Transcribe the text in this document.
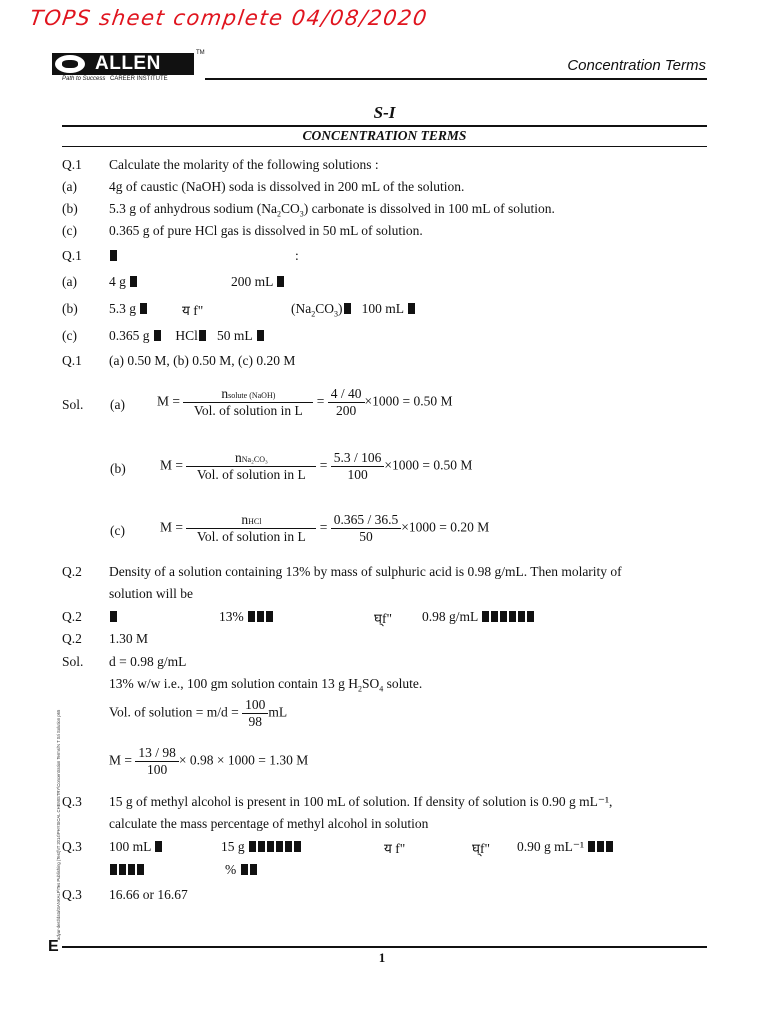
TOPS sheet complete 04/08/2020
ALLEN	TM
CAREER INSTITUTE
Path to Success
Concentration Terms
S-I
CONCENTRATION TERMS
Q.1 Calculate the molarity of the following solutions :
(a) 4g of caustic (NaOH) soda is dissolved in 200 mL of the solution.
(b) 5.3 g of anhydrous sodium $(Na_2CO_3)$ carbonate is dissolved in 100 mL of solution.
(c) 0.365 g of pure HCl gas is dissolved in 50 mL of solution.
Q.1	:
(a) 4 g	200 mL
(b) 5.3 g	य f"	$(Na_2CO_3)$ 100 mL
(c) 0.365 g HCl 50 mL
Q.1 (a) 0.50 M, (b) 0.50 M, (c) 0.20 M
Sol. (a) $M = \frac{\text{nsolute (NaOH)}}{\text{Vol. of solution in L}} = \frac{4 / 40}{200} \times 1000 = 0.50$ M
(b)	$M = \frac{\text{nNa₂CO₃}}{\text{Vol. of solution in L}} = \frac{5.3 / 106}{100} \times 1000 = 0.50$ M
(c)	$M = \frac{\text{nHCl}}{\text{Vol. of solution in L}} = \frac{0.365 / 36.5}{50} \times 1000 = 0.20$ M
Q.2 Density of a solution containing 13% by mass of sulphuric acid is 0.98 g/mL. Then molarity of
solution will be
Q.2	13%	घ्f" 0.98 g/mL
Q.2 1.30 M
Sol. d = 0.98 g/mL
13% w/w i.e., 100 gm solution contain 13 g $H_2SO_4$ solute.
Vol. of solution = $m/d = \frac{100}{98}$ mL
$M = \frac{13 / 98}{100} \times 0.98 \times 1000 = 1.30$ M
Q.3 15 g of methyl alcohol is present in 100 mL of solution. If density of solution is 0.90 g mL⁻¹,
calculate the mass percentage of methyl alcohol in solution
Q.3 100 mL	15 g	य f"	घ्f" 0.90 g mL⁻¹
%
Q.3 16.66 or 16.67
adyar-dest\data\SANKALP\Tes Publishing (Test)\IT 2014\PHYSICAL CHEMISTRY\Concentration Terms\N T Sri Solution p65
E
1
